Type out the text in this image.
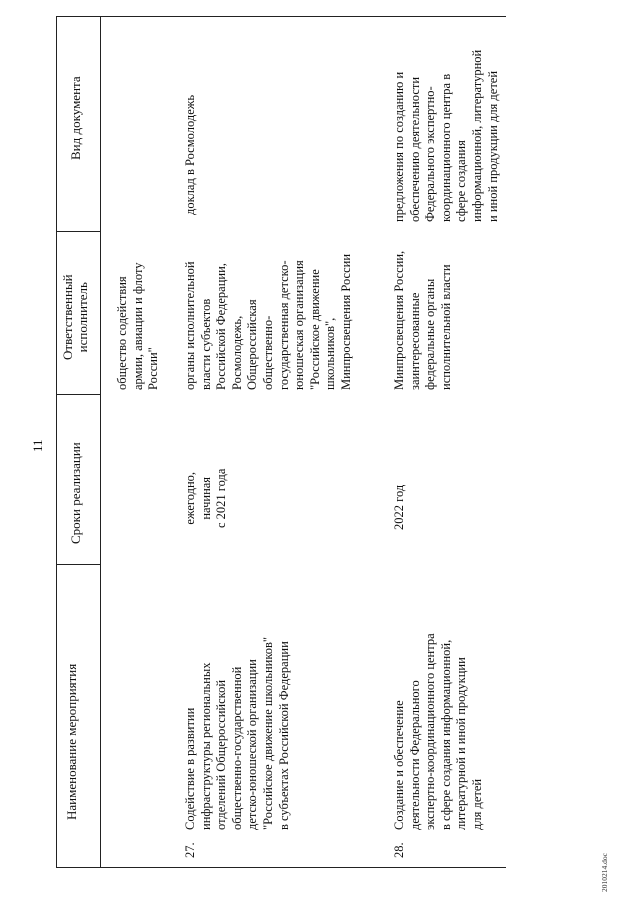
11
Наименование мероприятия
Сроки реализации
Ответственный исполнитель
Вид документа
общество содействия армии, авиации и флоту России"
27.
Содействие в развитии инфраструктуры региональных отделений Общероссийской общественно-государственной детско-юношеской организации "Российское движение школьников" в субъектах Российской Федерации
ежегодно, начиная с 2021 года
органы исполнительной власти субъектов Российской Федерации, Росмолодежь, Общероссийская общественно- государственная детско- юношеская организация "Российское движение школьников", Минпросвещения России
доклад в Росмолодежь
28.
Создание и обеспечение деятельности Федерального экспертно-координационного центра в сфере создания информационной, литературной и иной продукции для детей
2022 год
Минпросвещения России, заинтересованные федеральные органы исполнительной власти
предложения по созданию и обеспечению деятельности Федерального экспертно- координационного центра в сфере создания информационной, литературной и иной продукции для детей
2010214.doc
